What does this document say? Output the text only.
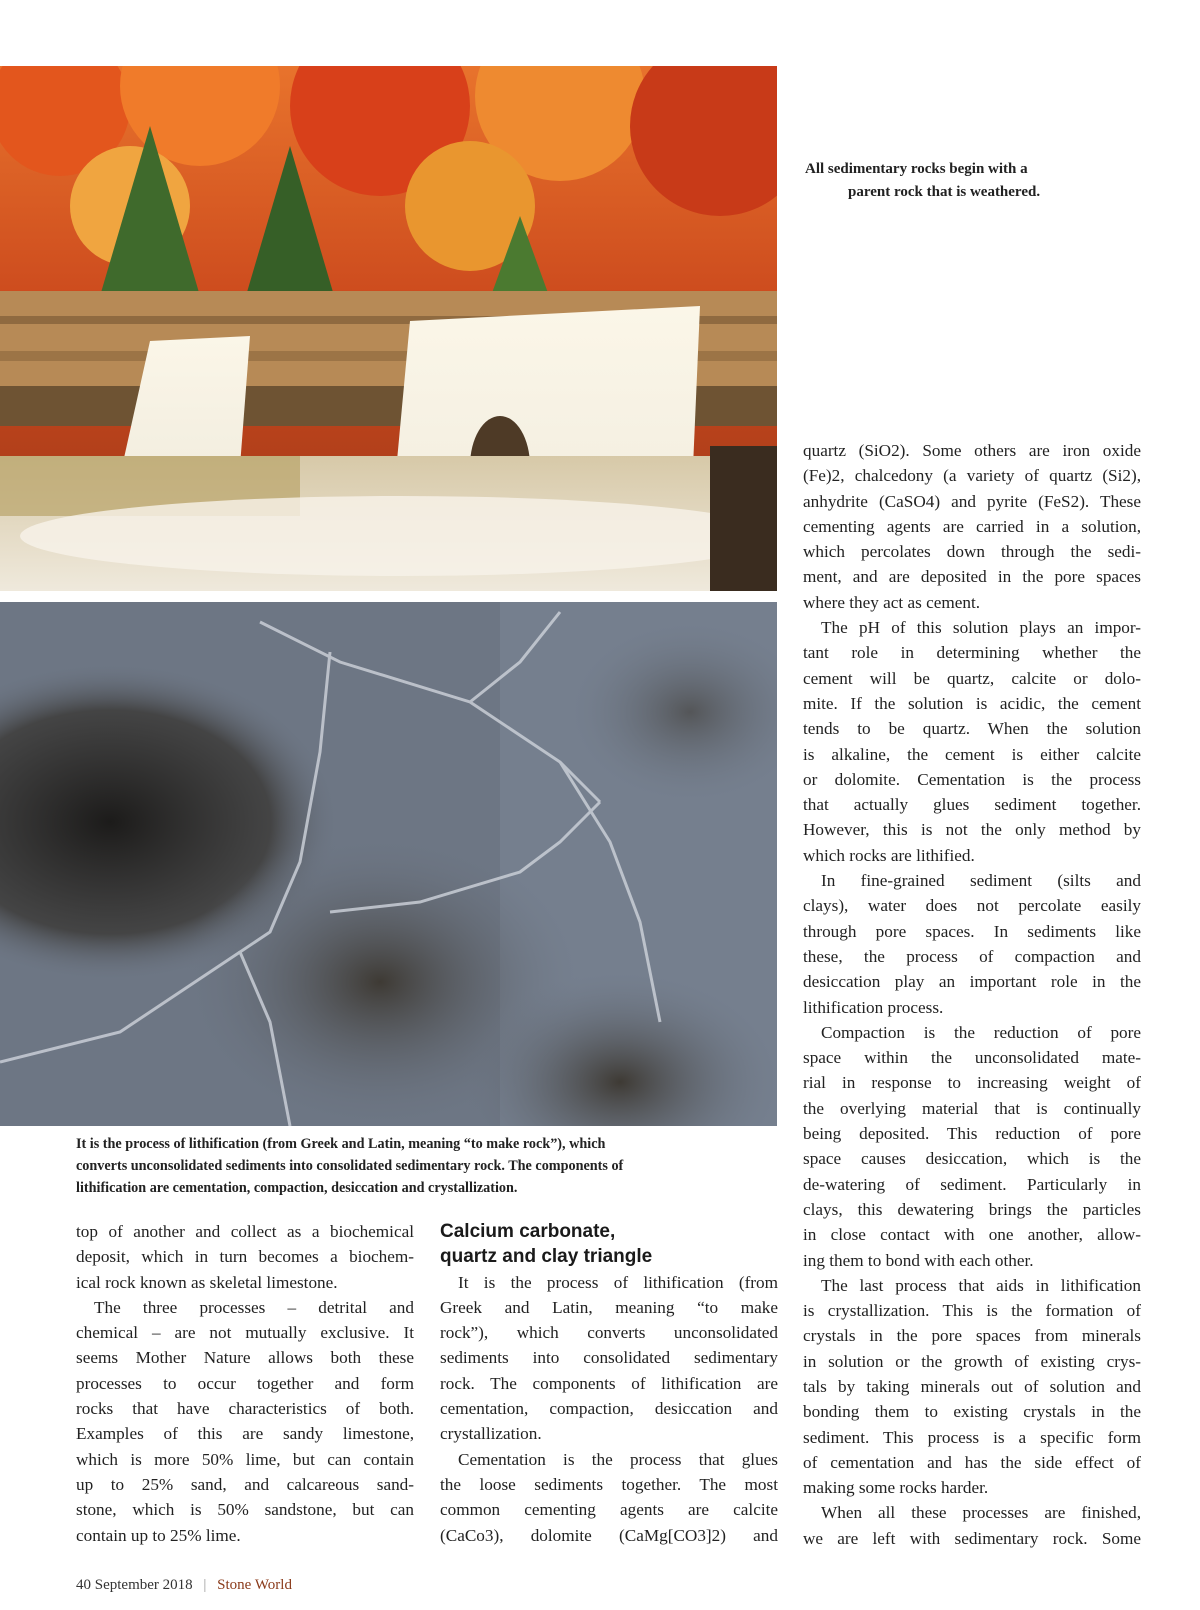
All sedimentary rocks begin with a
parent rock that is weathered.
It is the process of lithification (from Greek and Latin, meaning “to make rock”), which
converts unconsolidated sediments into consolidated sedimentary rock. The components of
lithification are cementation, compaction, desiccation and crystallization.
top of another and collect as a biochemical
deposit, which in turn becomes a biochem-
ical rock known as skeletal limestone.
The three processes – detrital and
chemical – are not mutually exclusive. It
seems Mother Nature allows both these
processes to occur together and form
rocks that have characteristics of both.
Examples of this are sandy limestone,
which is more 50% lime, but can contain
up to 25% sand, and calcareous sand-
stone, which is 50% sandstone, but can
contain up to 25% lime.
Calcium carbonate,
quartz and clay triangle
It is the process of lithification (from
Greek and Latin, meaning “to make
rock”), which converts unconsolidated
sediments into consolidated sedimentary
rock. The components of lithification are
cementation, compaction, desiccation and
crystallization.
Cementation is the process that glues
the loose sediments together. The most
common cementing agents are calcite
(CaCo3), dolomite (CaMg[CO3]2) and
quartz (SiO2). Some others are iron oxide
(Fe)2, chalcedony (a variety of quartz (Si2),
anhydrite (CaSO4) and pyrite (FeS2). These
cementing agents are carried in a solution,
which percolates down through the sedi-
ment, and are deposited in the pore spaces
where they act as cement.
The pH of this solution plays an impor-
tant role in determining whether the
cement will be quartz, calcite or dolo-
mite. If the solution is acidic, the cement
tends to be quartz. When the solution
is alkaline, the cement is either calcite
or dolomite. Cementation is the process
that actually glues sediment together.
However, this is not the only method by
which rocks are lithified.
In fine-grained sediment (silts and
clays), water does not percolate easily
through pore spaces. In sediments like
these, the process of compaction and
desiccation play an important role in the
lithification process.
Compaction is the reduction of pore
space within the unconsolidated mate-
rial in response to increasing weight of
the overlying material that is continually
being deposited. This reduction of pore
space causes desiccation, which is the
de-watering of sediment. Particularly in
clays, this dewatering brings the particles
in close contact with one another, allow-
ing them to bond with each other.
The last process that aids in lithification
is crystallization. This is the formation of
crystals in the pore spaces from minerals
in solution or the growth of existing crys-
tals by taking minerals out of solution and
bonding them to existing crystals in the
sediment. This process is a specific form
of cementation and has the side effect of
making some rocks harder.
When all these processes are finished,
we are left with sedimentary rock. Some
40 September 2018 | Stone World
